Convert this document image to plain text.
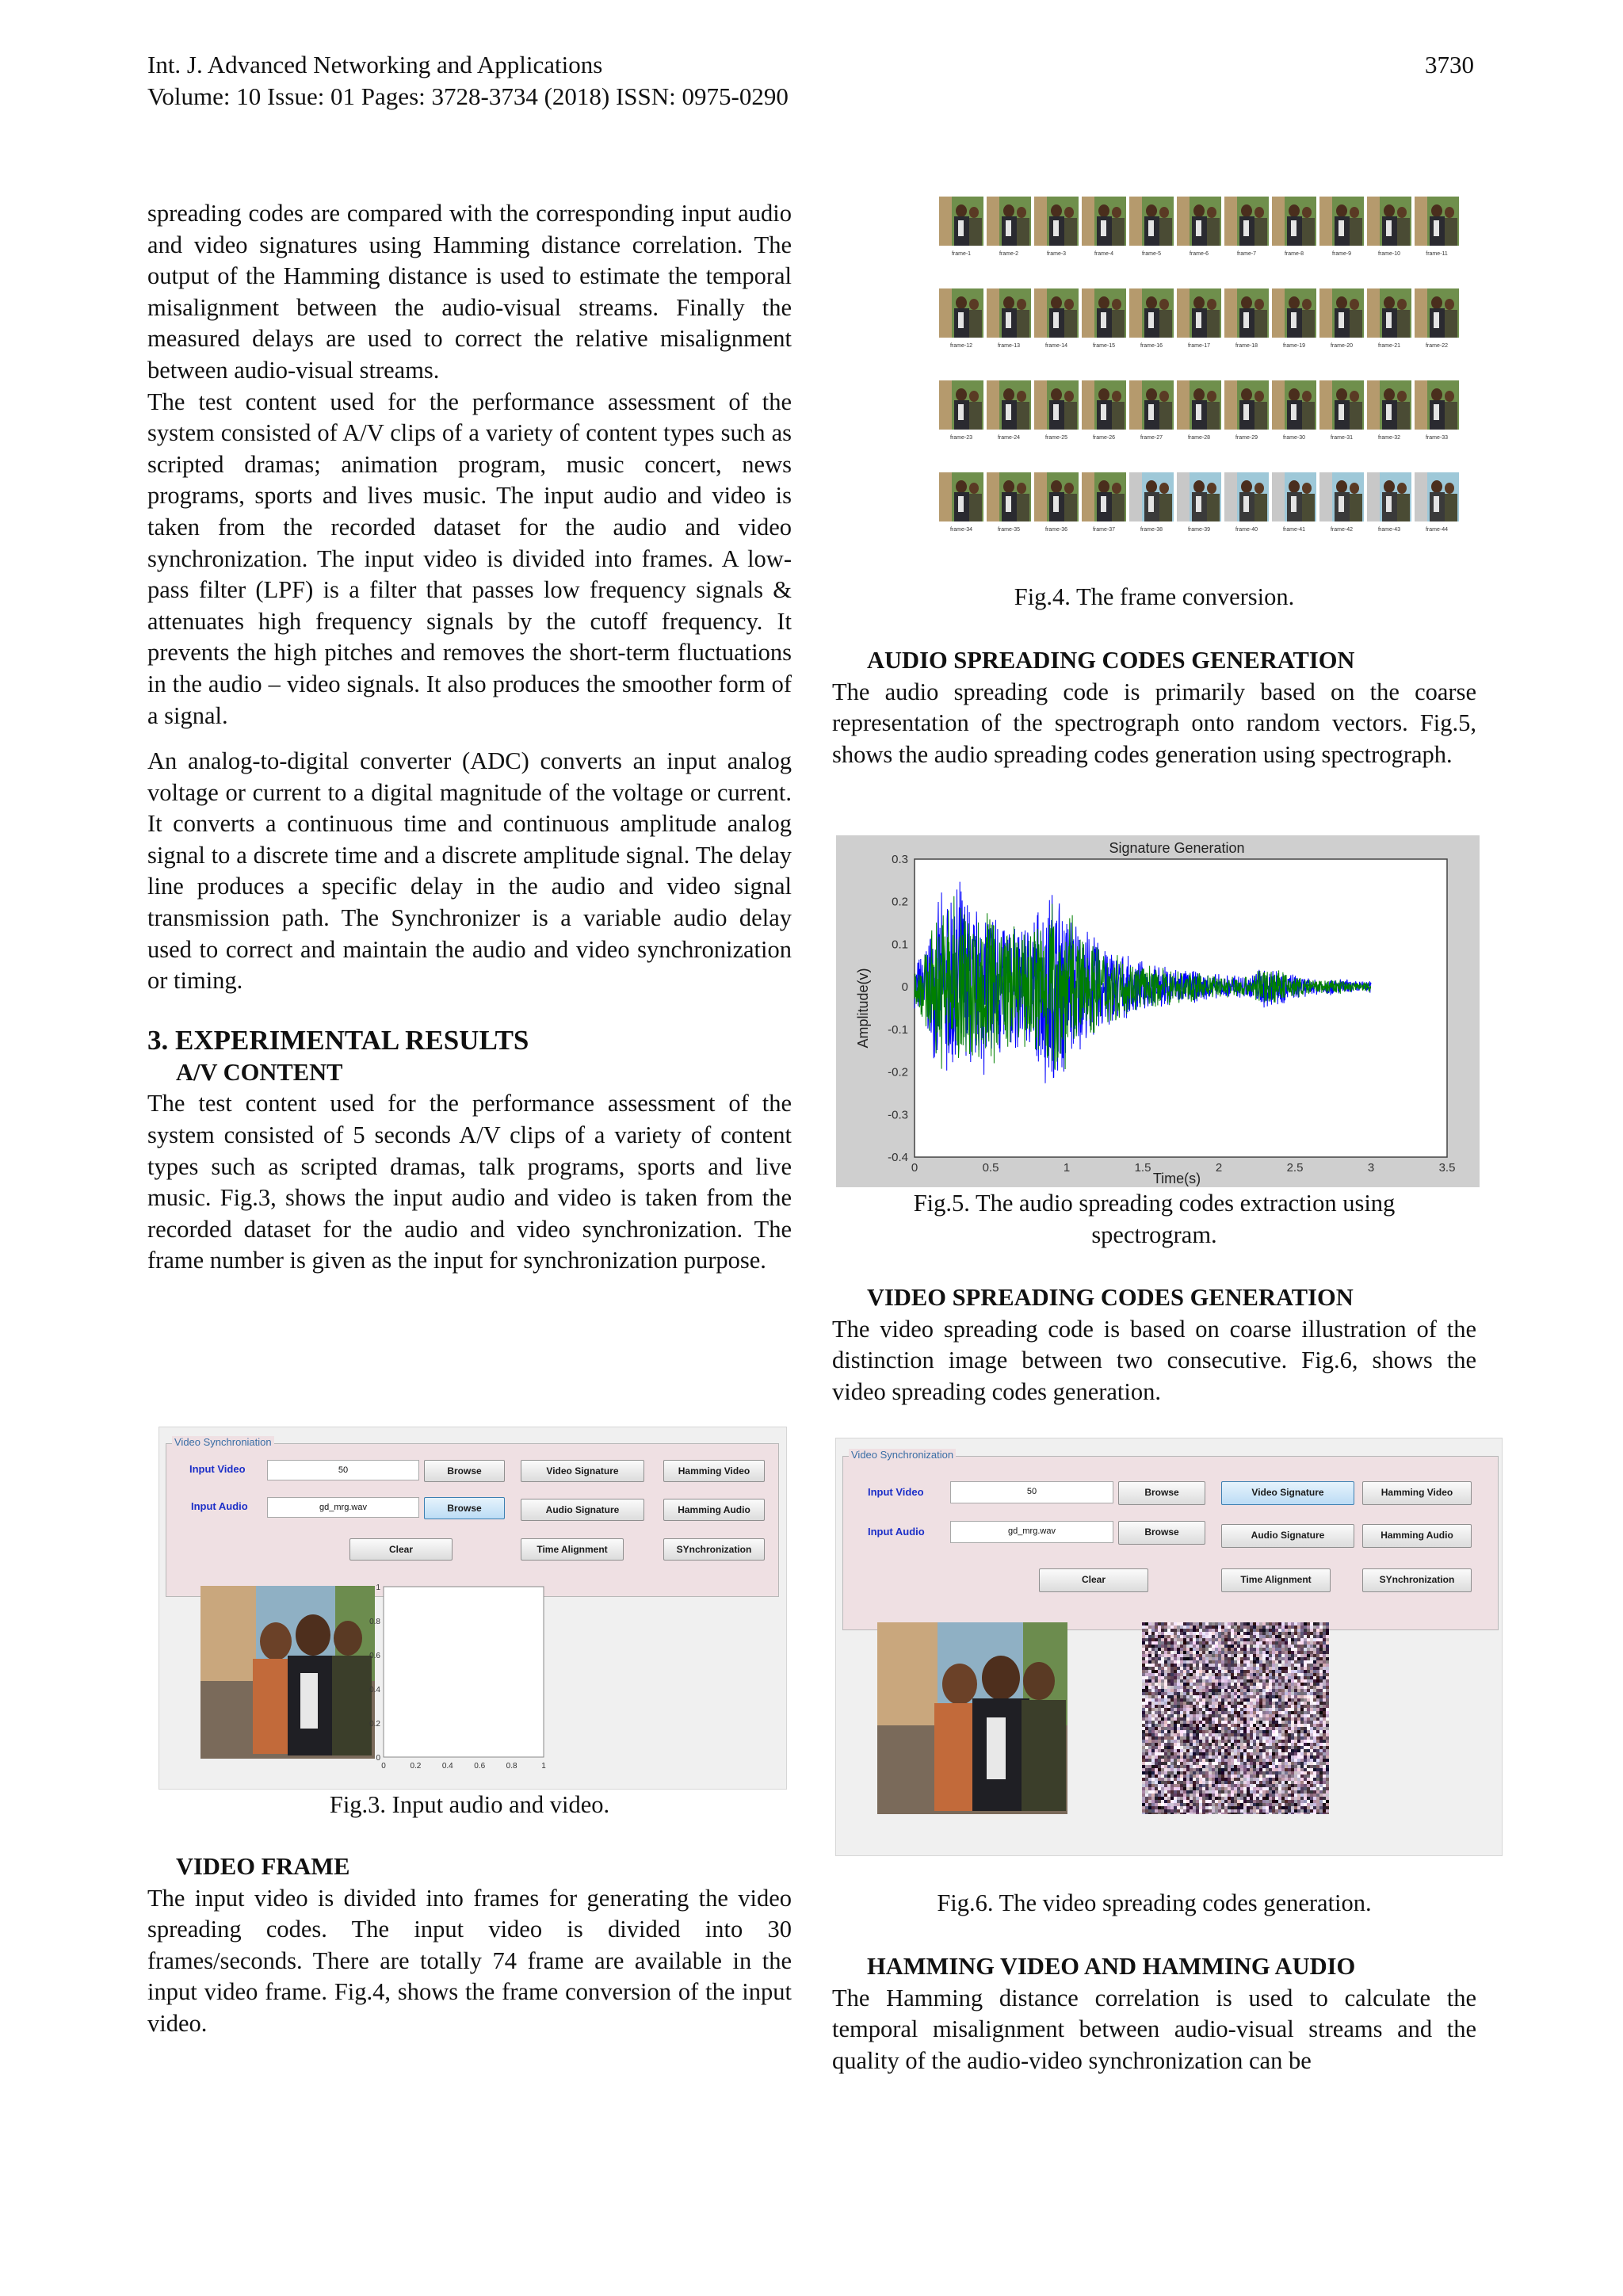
Int. J. Advanced Networking and Applications
Volume: 10 Issue: 01 Pages: 3728-3734 (2018) ISSN: 0975-0290
3730

spreading codes are compared with the corresponding input audio and video signatures using Hamming distance correlation. The output of the Hamming distance is used to estimate the temporal misalignment between the audio-visual streams. Finally the measured delays are used to correct the relative misalignment between audio-visual streams.

The test content used for the performance assessment of the system consisted of A/V clips of a variety of content types such as scripted dramas; animation program, music concert, news programs, sports and lives music. The input audio and video is taken from the recorded dataset for the audio and video synchronization. The input video is divided into frames. A low-pass filter (LPF) is a filter that passes low frequency signals & attenuates high frequency signals by the cutoff frequency. It prevents the high pitches and removes the short-term fluctuations in the audio – video signals. It also produces the smoother form of a signal.

An analog-to-digital converter (ADC) converts an input analog voltage or current to a digital magnitude of the voltage or current. It converts a continuous time and continuous amplitude analog signal to a discrete time and a discrete amplitude signal. The delay line produces a specific delay in the audio and video signal transmission path. The Synchronizer is a variable audio delay used to correct and maintain the audio and video synchronization or timing.

3. EXPERIMENTAL RESULTS

A/V CONTENT

The test content used for the performance assessment of the system consisted of 5 seconds A/V clips of a variety of content types such as scripted dramas, talk programs, sports and live music. Fig.3, shows the input audio and video is taken from the recorded dataset for the audio and video synchronization. The frame number is given as the input for synchronization purpose.

Video Synchroniation
Input Video	50	Browse	Video Signature	Hamming Video
Input Audio	gd_mrg.wav	Browse	Audio Signature	Hamming Audio
Clear	Time Alignment	SYnchronization
0
0.2
0.4
0.6
0.8
1
0	0.2	0.4	0.6	0.8	1
Fig.3. Input audio and video.

VIDEO FRAME

The input video is divided into frames for generating the video spreading codes. The input video is divided into 30 frames/seconds. There are totally 74 frame are available in the input video frame. Fig.4, shows the frame conversion of the input video.

frame-1	frame-2	frame-3	frame-4	frame-5	frame-6	frame-7	frame-8	frame-9	frame-10	frame-11
frame-12	frame-13	frame-14	frame-15	frame-16	frame-17	frame-18	frame-19	frame-20	frame-21	frame-22
frame-23	frame-24	frame-25	frame-26	frame-27	frame-28	frame-29	frame-30	frame-31	frame-32	frame-33
frame-34	frame-35	frame-36	frame-37	frame-38	frame-39	frame-40	frame-41	frame-42	frame-43	frame-44
Fig.4. The frame conversion.

AUDIO SPREADING CODES GENERATION

The audio spreading code is primarily based on the coarse representation of the spectrograph onto random vectors. Fig.5, shows the audio spreading codes generation using spectrograph.

Signature Generation
Time(s)
Amplitude(v)
0.3
0.2
0.1
0
-0.1
-0.2
-0.3
-0.4
0	0.5	1	1.5	2	2.5	3	3.5
Fig.5. The audio spreading codes extraction using
spectrogram.

VIDEO SPREADING CODES GENERATION

The video spreading code is based on coarse illustration of the distinction image between two consecutive. Fig.6, shows the video spreading codes generation.

Video Synchronization
Input Video	50	Browse	Video Signature	Hamming Video
Input Audio	gd_mrg.wav	Browse	Audio Signature	Hamming Audio
Clear	Time Alignment	SYnchronization
Fig.6. The video spreading codes generation.

HAMMING VIDEO AND HAMMING AUDIO

The Hamming distance correlation is used to calculate the temporal misalignment between audio-visual streams and the quality of the audio-video synchronization can be
